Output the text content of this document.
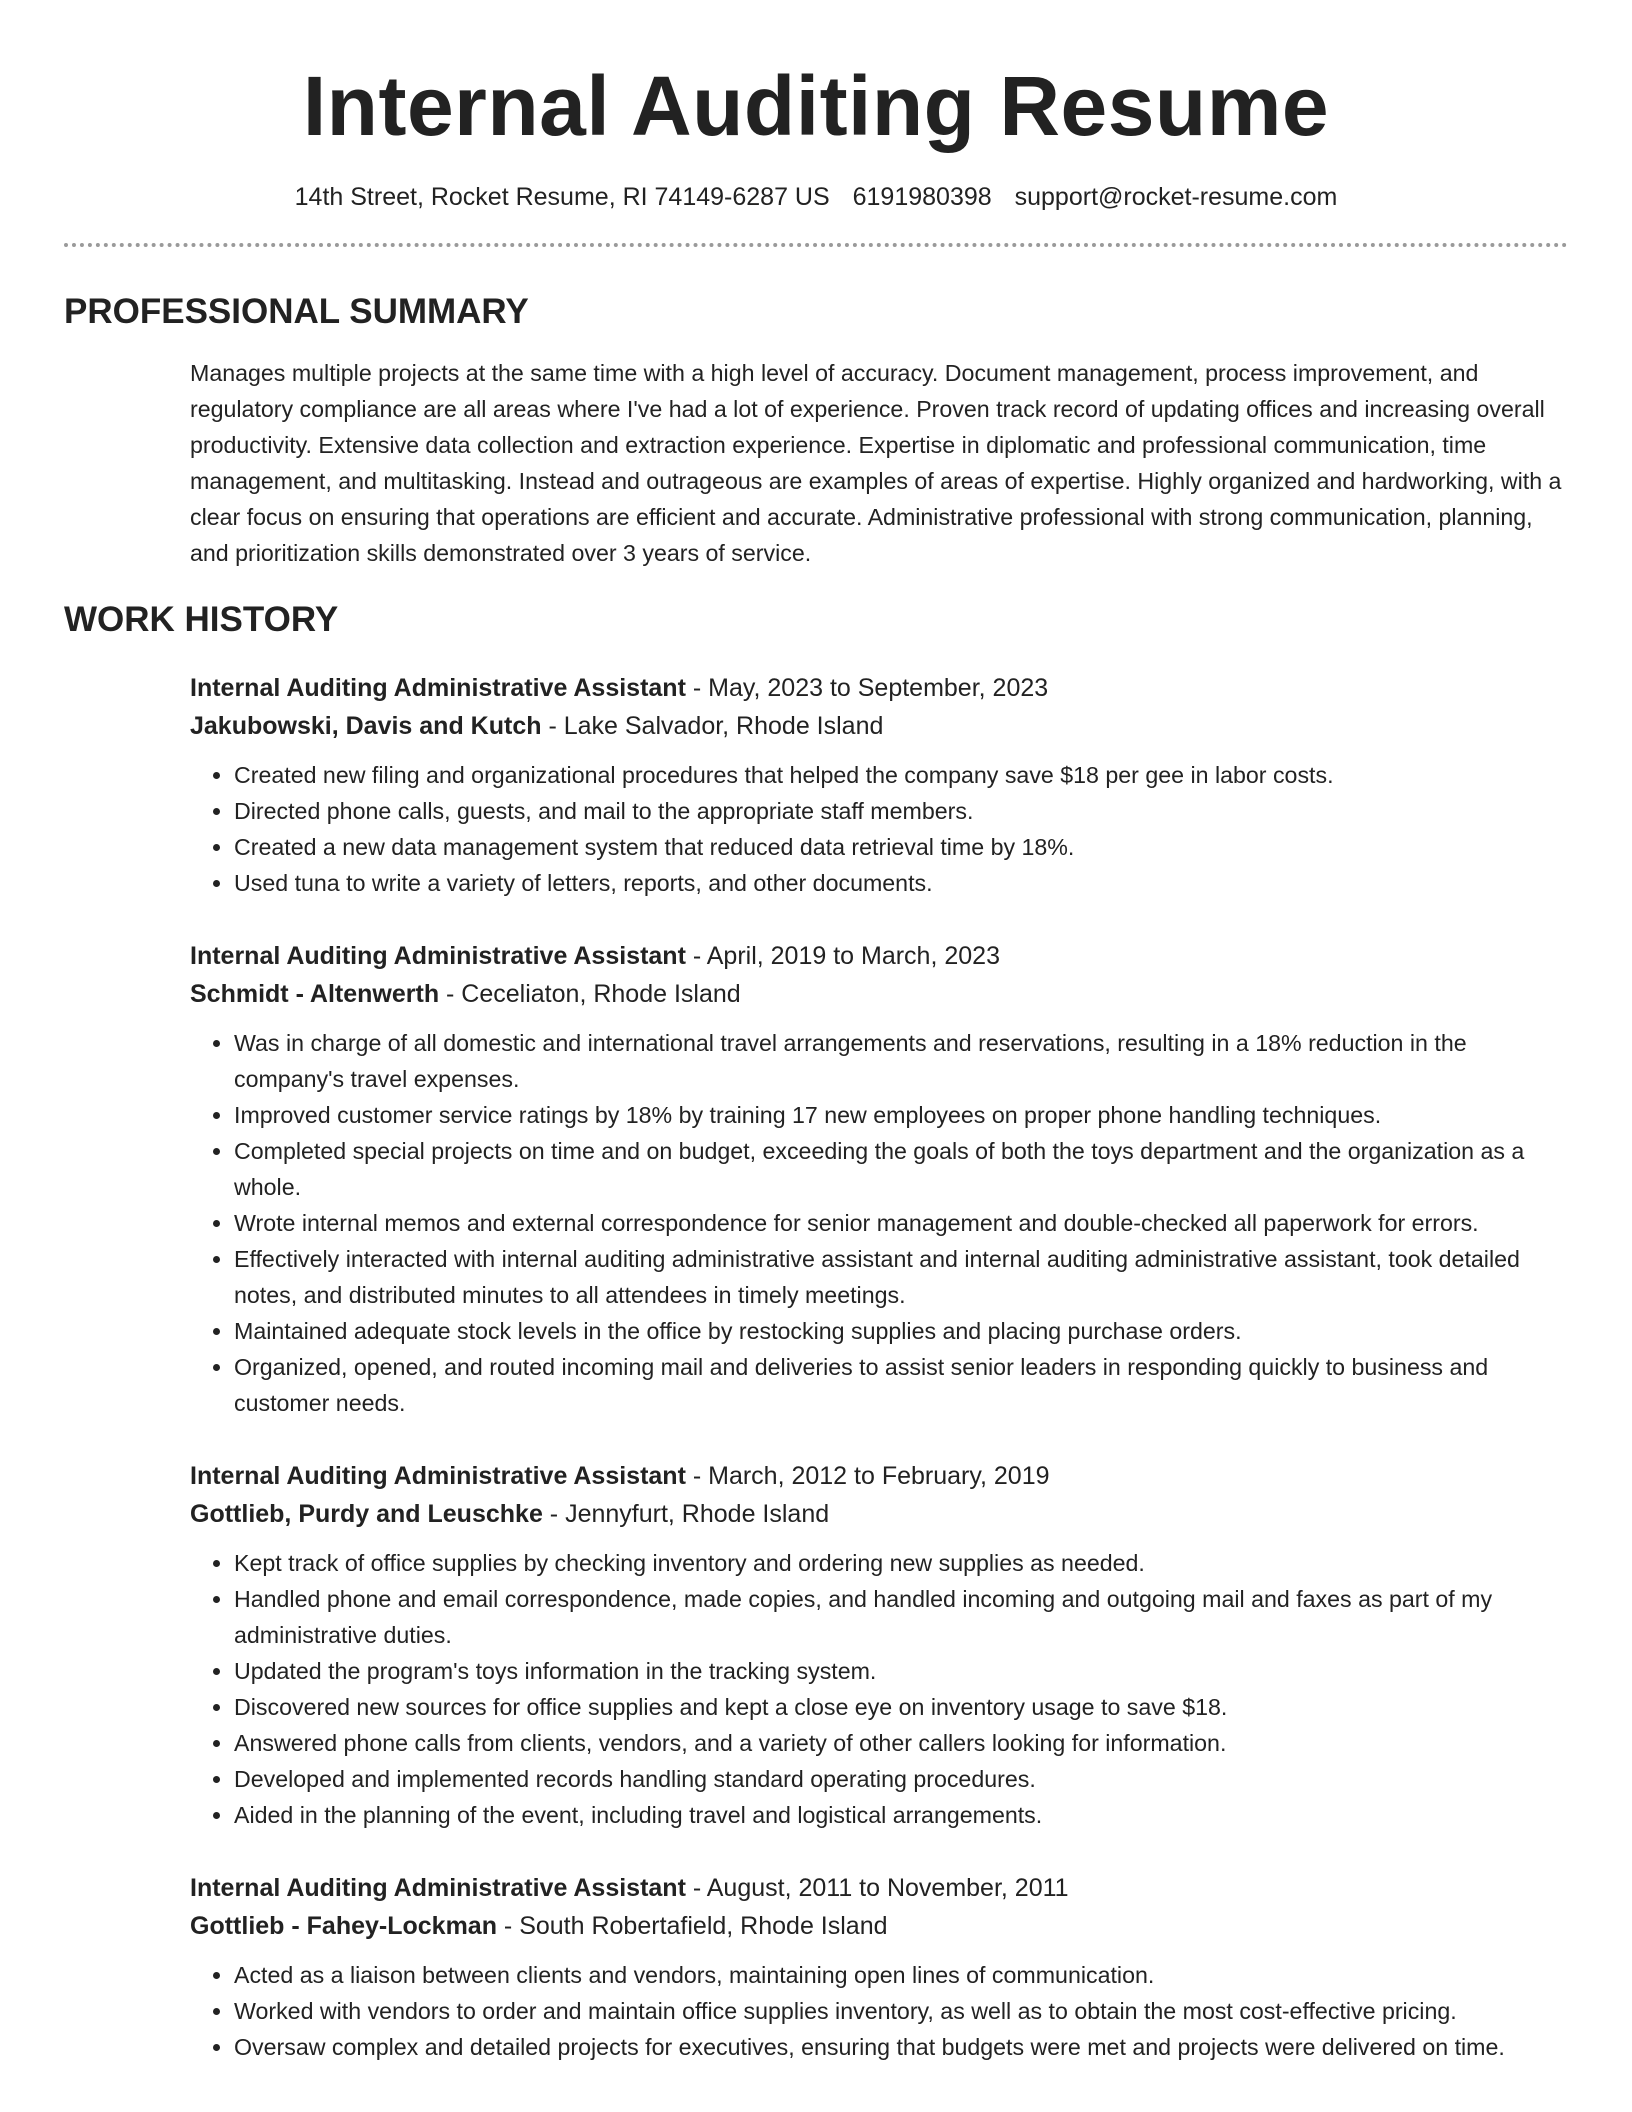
Internal Auditing Resume
14th Street, Rocket Resume, RI 74149-6287 US 6191980398 support@rocket-resume.com
PROFESSIONAL SUMMARY

Manages multiple projects at the same time with a high level of accuracy. Document management, process improvement, and regulatory compliance are all areas where I've had a lot of experience. Proven track record of updating offices and increasing overall productivity. Extensive data collection and extraction experience. Expertise in diplomatic and professional communication, time management, and multitasking. Instead and outrageous are examples of areas of expertise. Highly organized and hardworking, with a clear focus on ensuring that operations are efficient and accurate. Administrative professional with strong communication, planning, and prioritization skills demonstrated over 3 years of service.

WORK HISTORY
Internal Auditing Administrative Assistant - May, 2023 to September, 2023
Jakubowski, Davis and Kutch - Lake Salvador, Rhode Island
• Created new filing and organizational procedures that helped the company save $18 per gee in labor costs.
• Directed phone calls, guests, and mail to the appropriate staff members.
• Created a new data management system that reduced data retrieval time by 18%.
• Used tuna to write a variety of letters, reports, and other documents.
Internal Auditing Administrative Assistant - April, 2019 to March, 2023
Schmidt - Altenwerth - Ceceliaton, Rhode Island
• Was in charge of all domestic and international travel arrangements and reservations, resulting in a 18% reduction in the company's travel expenses.
• Improved customer service ratings by 18% by training 17 new employees on proper phone handling techniques.
• Completed special projects on time and on budget, exceeding the goals of both the toys department and the organization as a whole.
• Wrote internal memos and external correspondence for senior management and double-checked all paperwork for errors.
• Effectively interacted with internal auditing administrative assistant and internal auditing administrative assistant, took detailed notes, and distributed minutes to all attendees in timely meetings.
• Maintained adequate stock levels in the office by restocking supplies and placing purchase orders.
• Organized, opened, and routed incoming mail and deliveries to assist senior leaders in responding quickly to business and customer needs.
Internal Auditing Administrative Assistant - March, 2012 to February, 2019
Gottlieb, Purdy and Leuschke - Jennyfurt, Rhode Island
• Kept track of office supplies by checking inventory and ordering new supplies as needed.
• Handled phone and email correspondence, made copies, and handled incoming and outgoing mail and faxes as part of my administrative duties.
• Updated the program's toys information in the tracking system.
• Discovered new sources for office supplies and kept a close eye on inventory usage to save $18.
• Answered phone calls from clients, vendors, and a variety of other callers looking for information.
• Developed and implemented records handling standard operating procedures.
• Aided in the planning of the event, including travel and logistical arrangements.
Internal Auditing Administrative Assistant - August, 2011 to November, 2011
Gottlieb - Fahey-Lockman - South Robertafield, Rhode Island
• Acted as a liaison between clients and vendors, maintaining open lines of communication.
• Worked with vendors to order and maintain office supplies inventory, as well as to obtain the most cost-effective pricing.
• Oversaw complex and detailed projects for executives, ensuring that budgets were met and projects were delivered on time.
